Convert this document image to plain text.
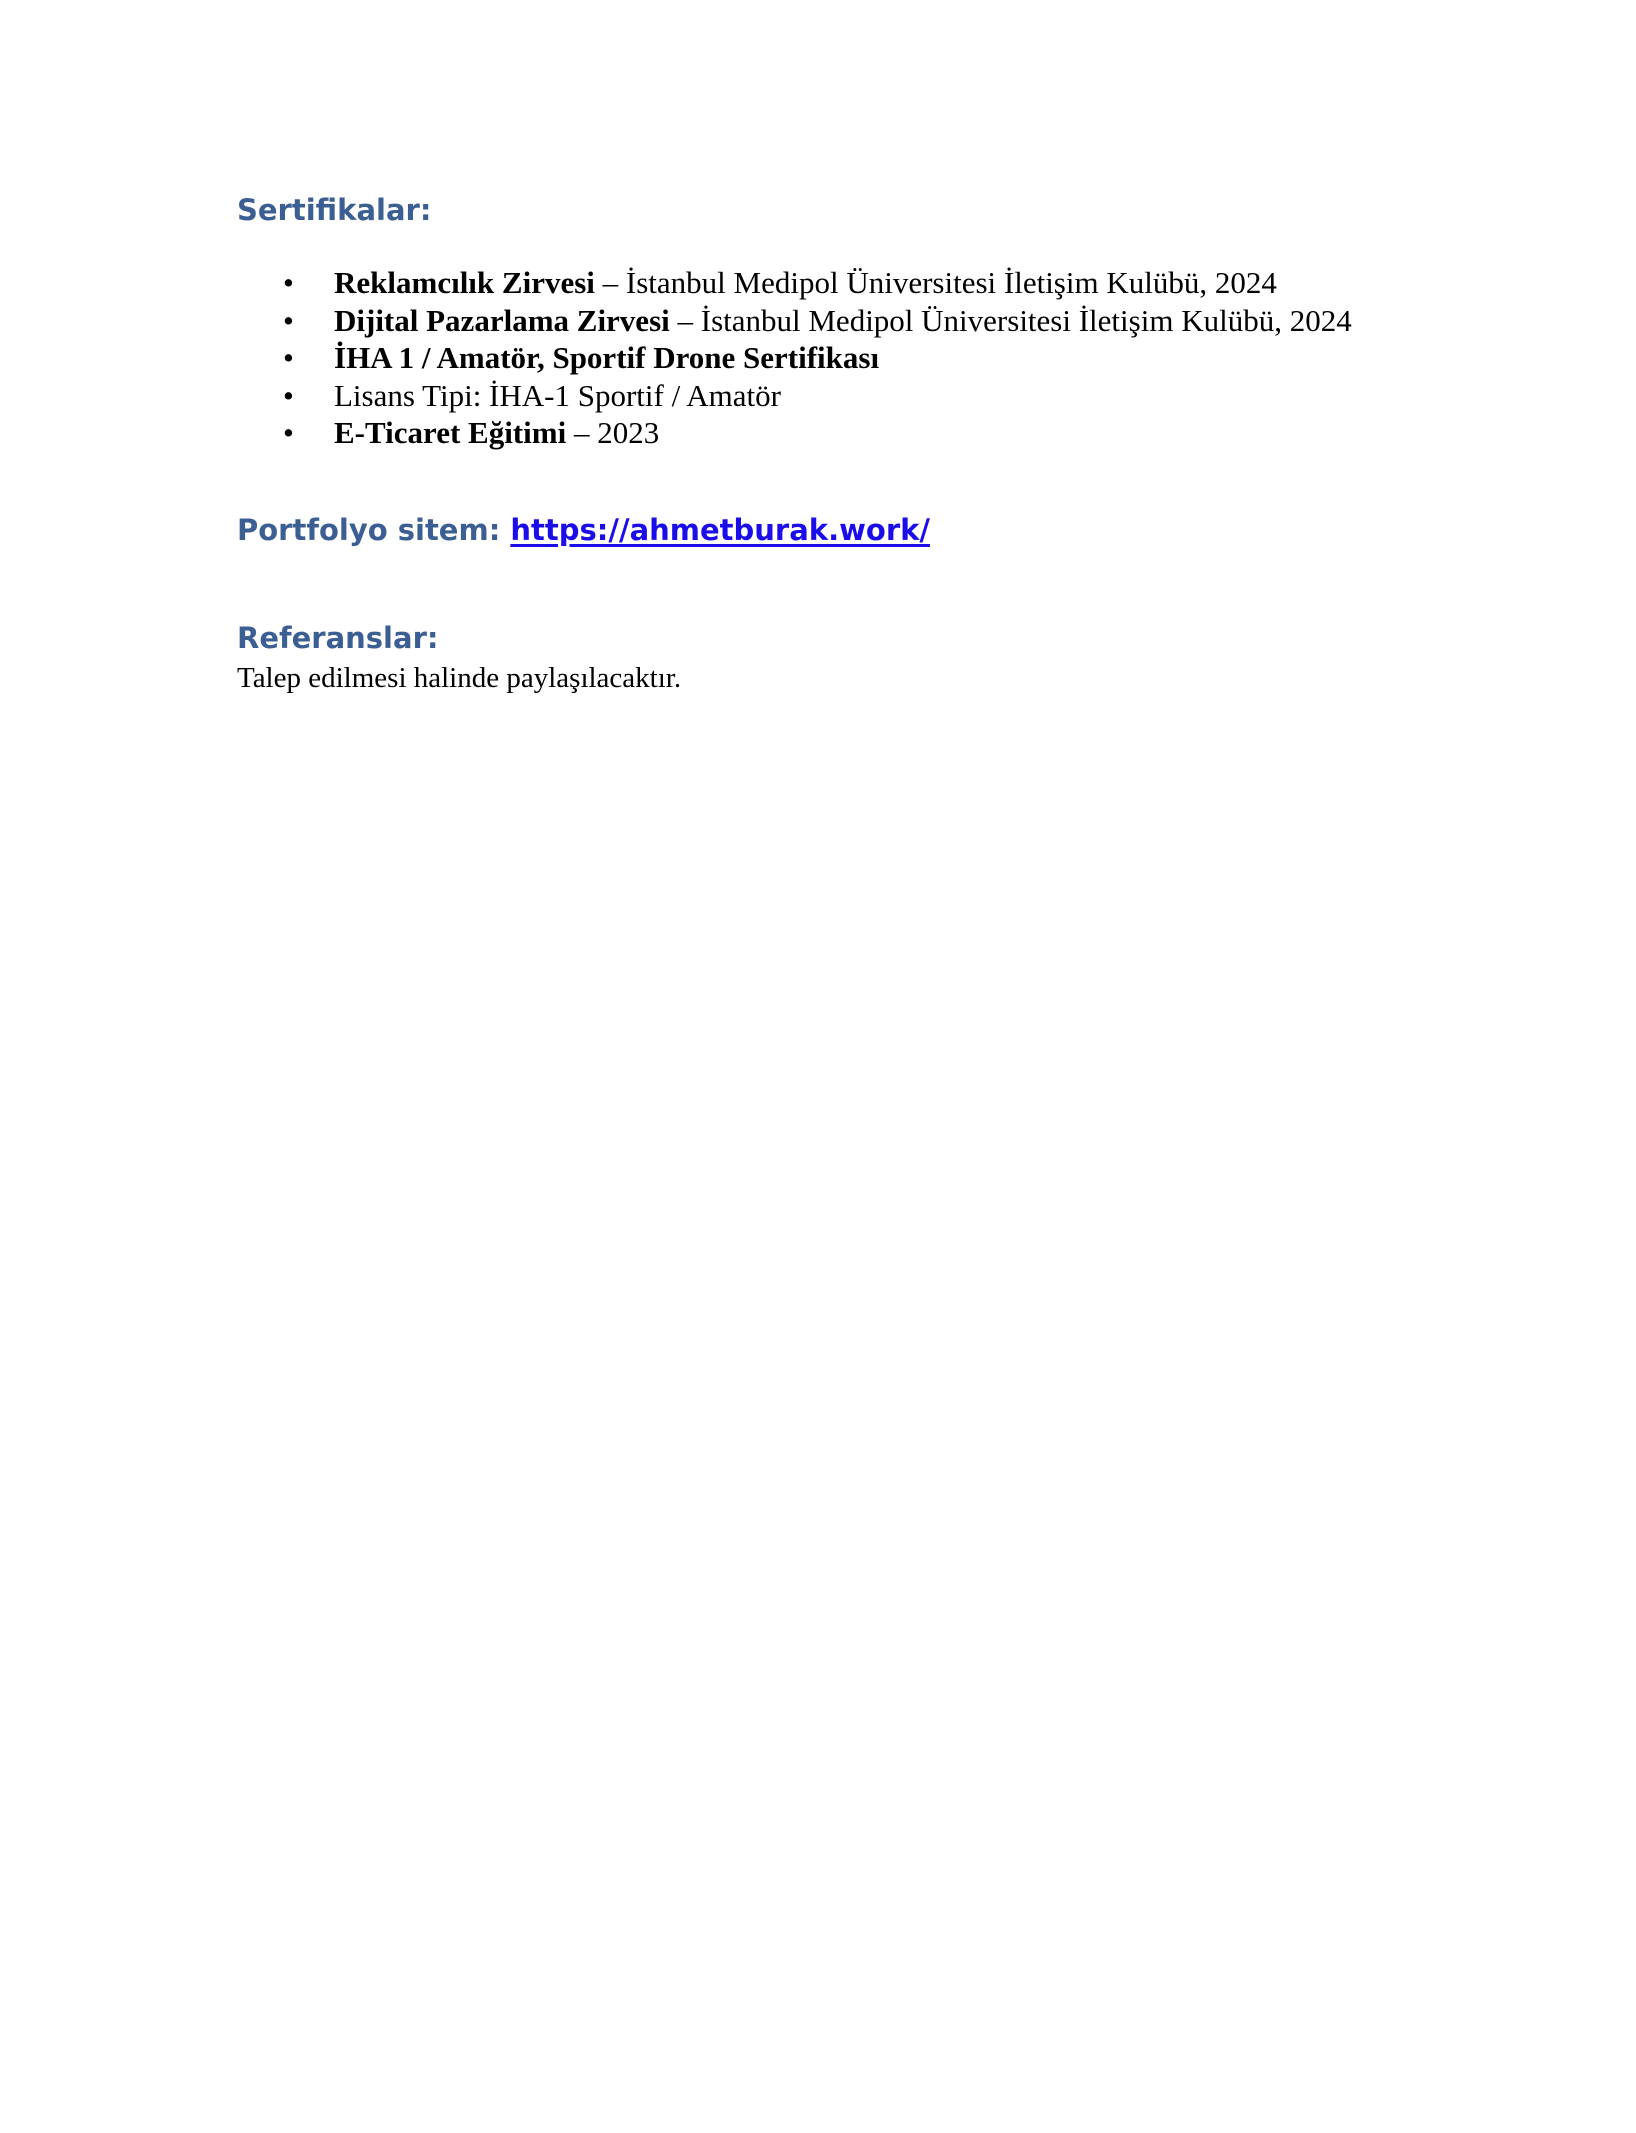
Sertifikalar:
• Reklamcılık Zirvesi – İstanbul Medipol Üniversitesi İletişim Kulübü, 2024
• Dijital Pazarlama Zirvesi – İstanbul Medipol Üniversitesi İletişim Kulübü, 2024
• İHA 1 / Amatör, Sportif Drone Sertifikası
• Lisans Tipi: İHA-1 Sportif / Amatör
• E-Ticaret Eğitimi – 2023
Portfolyo sitem: https://ahmetburak.work/
Referanslar:

Talep edilmesi halinde paylaşılacaktır.
